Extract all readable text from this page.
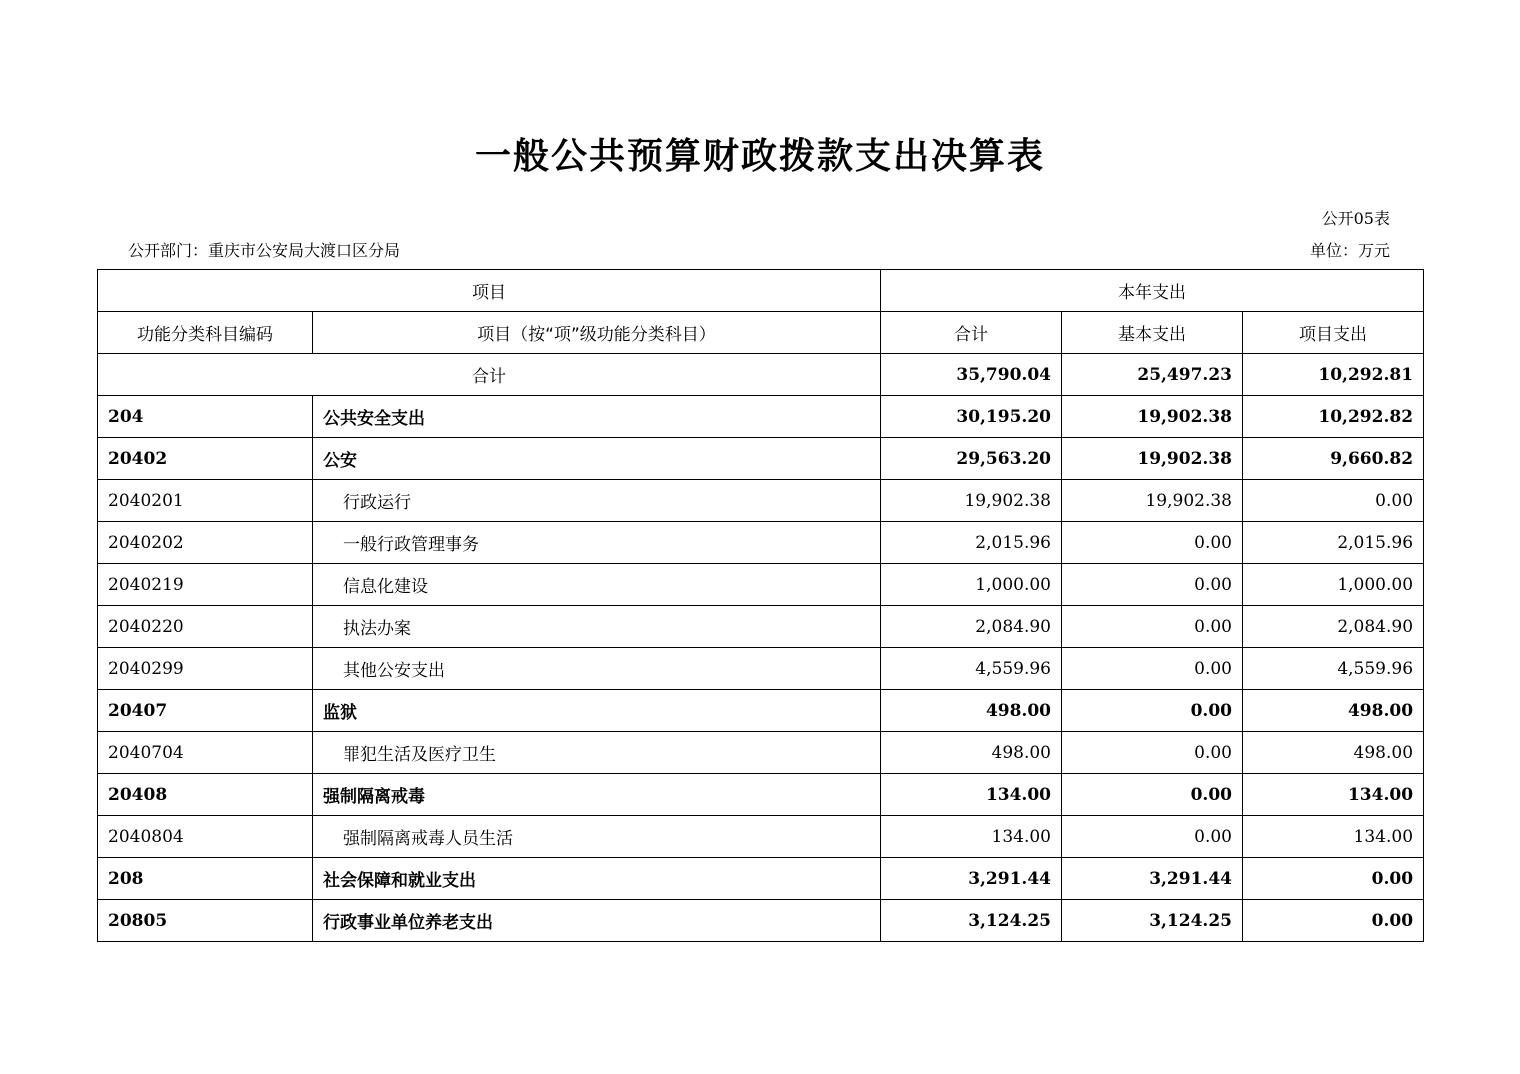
一般公共预算财政拨款支出决算表
公开05表
公开部门：重庆市公安局大渡口区分局	单位：万元
项目		本年支出		
功能分类科目编码	项目（按“项”级功能分类科目）	合计	基本支出	项目支出
合计		35,790.04	25,497.23	10,292.81
204	公共安全支出	30,195.20	19,902.38	10,292.82
20402	公安	29,563.20	19,902.38	9,660.82
2040201	行政运行	19,902.38	19,902.38	0.00
2040202	一般行政管理事务	2,015.96	0.00	2,015.96
2040219	信息化建设	1,000.00	0.00	1,000.00
2040220	执法办案	2,084.90	0.00	2,084.90
2040299	其他公安支出	4,559.96	0.00	4,559.96
20407	监狱	498.00	0.00	498.00
2040704	罪犯生活及医疗卫生	498.00	0.00	498.00
20408	强制隔离戒毒	134.00	0.00	134.00
2040804	强制隔离戒毒人员生活	134.00	0.00	134.00
208	社会保障和就业支出	3,291.44	3,291.44	0.00
20805	行政事业单位养老支出	3,124.25	3,124.25	0.00
